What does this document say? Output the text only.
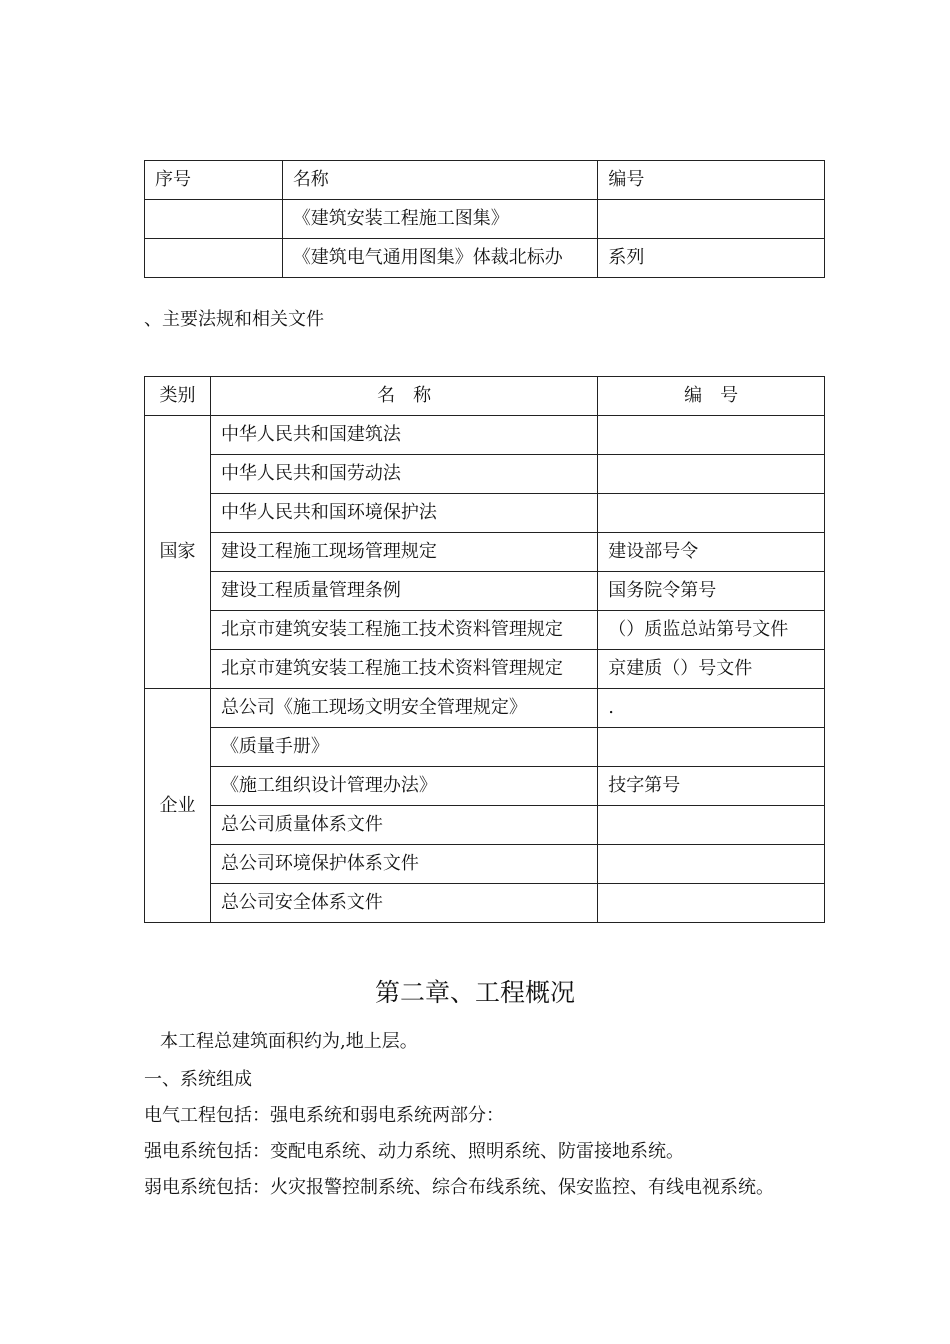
序号	名称	编号
	《建筑安装工程施工图集》	
	《建筑电气通用图集》体裁北标办	系列
、主要法规和相关文件
类别	名　称	编　号
国家	中华人民共和国建筑法	
	中华人民共和国劳动法	
	中华人民共和国环境保护法	
	建设工程施工现场管理规定	建设部号令
	建设工程质量管理条例	国务院令第号
	北京市建筑安装工程施工技术资料管理规定	（）质监总站第号文件
	北京市建筑安装工程施工技术资料管理规定	京建质（）号文件
企业	总公司《施工现场文明安全管理规定》	.
	《质量手册》	
	《施工组织设计管理办法》	技字第号
	总公司质量体系文件	
	总公司环境保护体系文件	
	总公司安全体系文件	
第二章、工程概况
本工程总建筑面积约为,地上层。
一、系统组成
电气工程包括：强电系统和弱电系统两部分：
强电系统包括：变配电系统、动力系统、照明系统、防雷接地系统。
弱电系统包括：火灾报警控制系统、综合布线系统、保安监控、有线电视系统。
